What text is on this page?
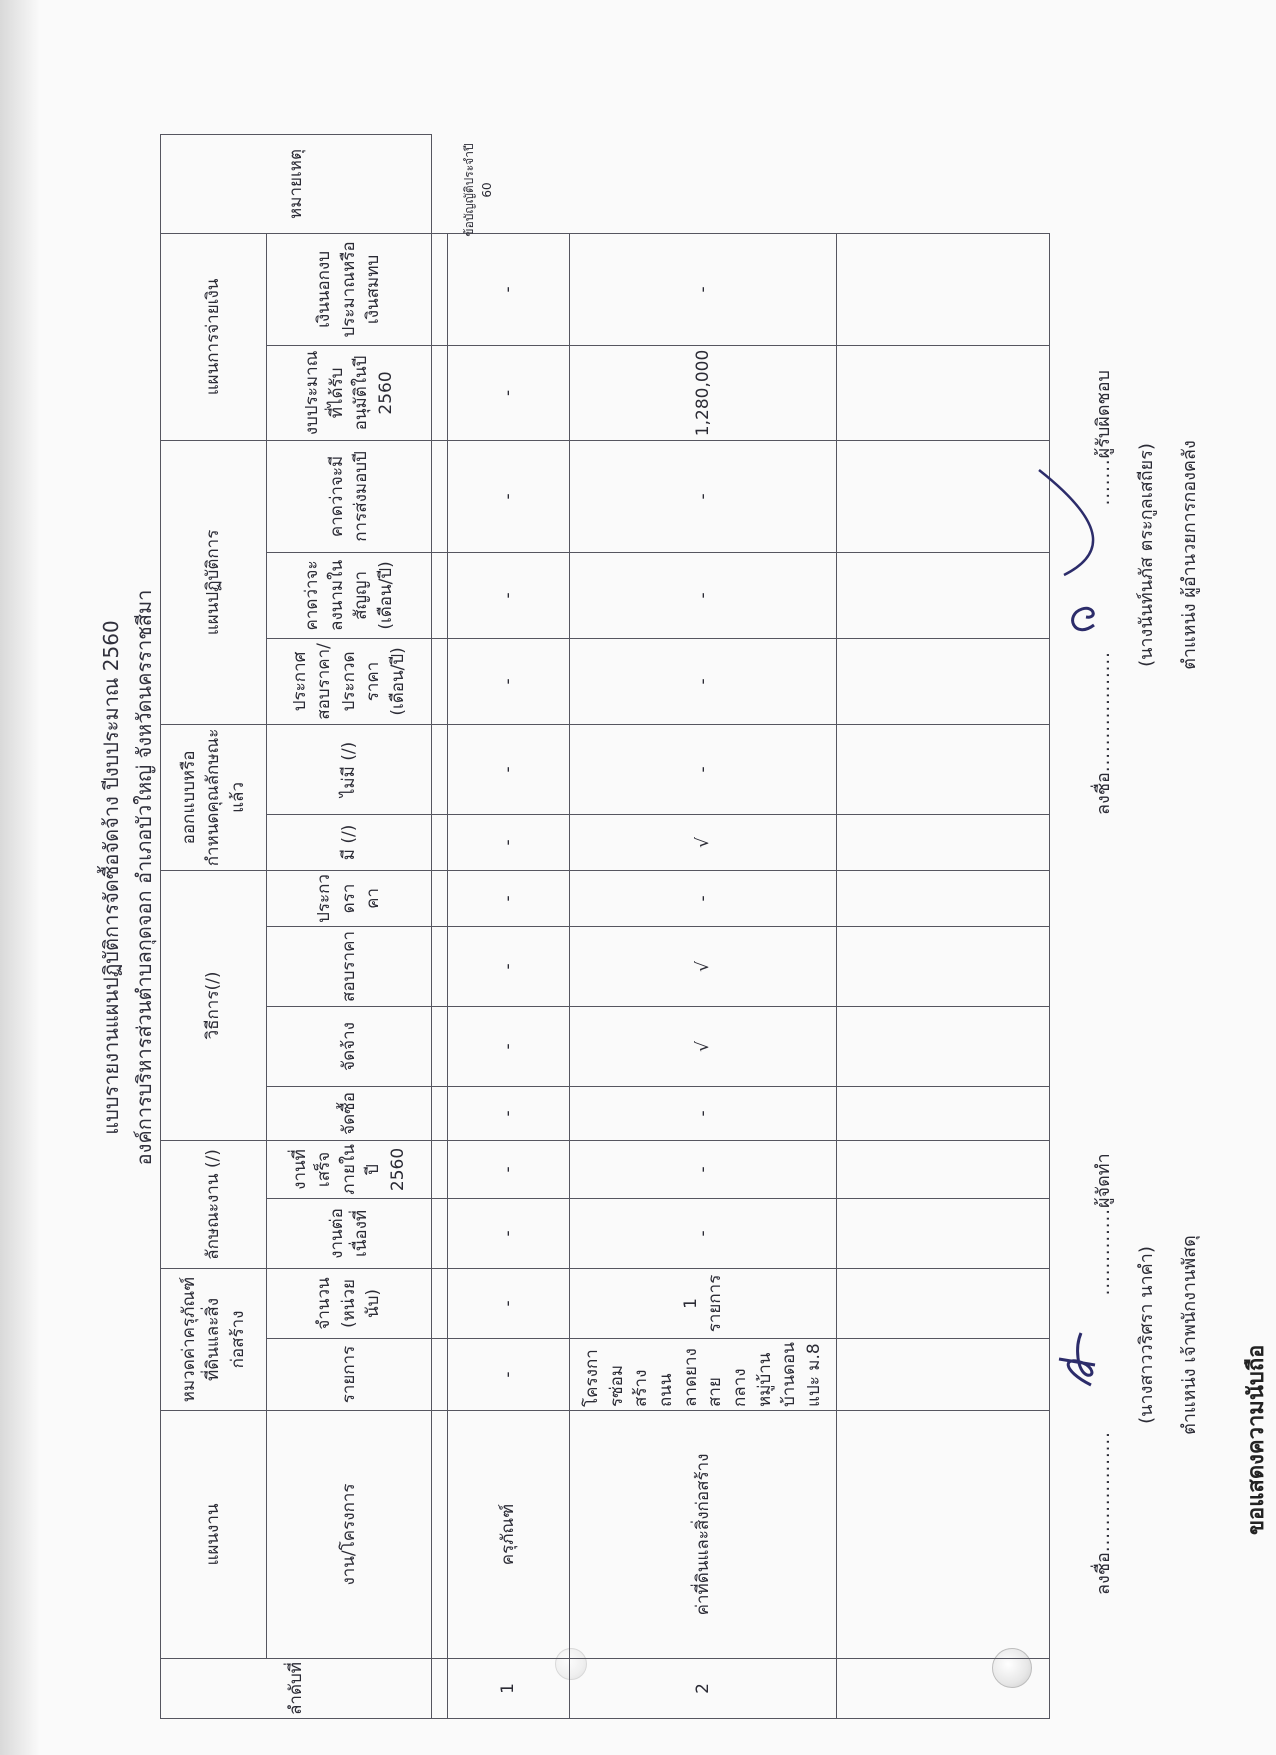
แบบรายงานแผนปฏิบัติการจัดซื้อจัดจ้าง ปีงบประมาณ 2560 องค์การบริหารส่วนตำบลกุดจอก อำเภอบัวใหญ่ จังหวัดนครราชสีมา
ลำดับที่	แผนงาน	หมวดค่าครุภัณฑ์ที่ดินและสิ่งก่อสร้าง		ลักษณะงาน (/)		วิธีการ(/)				ออกแบบหรือกำหนดคุณลักษณะแล้ว		แผนปฏิบัติการ			แผนการจ่ายเงิน		หมายเหตุ
	งาน/โครงการ	รายการ	จำนวน (หน่วยนับ)	งานต่อเนื่องที่	งานที่เสร็จภายในปี 2560	จัดซื้อ	จัดจ้าง	สอบราคา	ประกวดราคา	มี (/)	ไม่มี (/)	ประกาศสอบราคา/ประกวดราคา (เดือน/ปี)	คาดว่าจะลงนามในสัญญา (เดือน/ปี)	คาดว่าจะมีการส่งมอบปี	งบประมาณ ที่ได้รับอนุมัติในปี 2560	เงินนอกงบประมาณหรือเงินสมทบ	

1	ครุภัณฑ์	-	-	-	-	-	-	-	-	-	-	-	-	-	-	-	
2	ค่าที่ดินและสิ่งก่อสร้าง	โครงการซ่อมสร้างถนนลาดยางสายกลางหมู่บ้าน บ้านดอนแปะ ม.8	1 รายการ	-	-	-	√	√	-	√	-	-	-	-	1,280,000	-	

ข้อบัญญัติประจำปี 60
ลงชื่อ..................
.............ผู้จัดทำ
(นางสาววริศรา นาคำ) ตำแหน่ง เจ้าพนักงานพัสดุ
ลงชื่อ..................
.......ผู้รับผิดชอบ
(นางนันท์นภัส ตระกูลเสถียร) ตำแหน่ง ผู้อำนวยการกองคลัง
ขอแสดงความนับถือ
